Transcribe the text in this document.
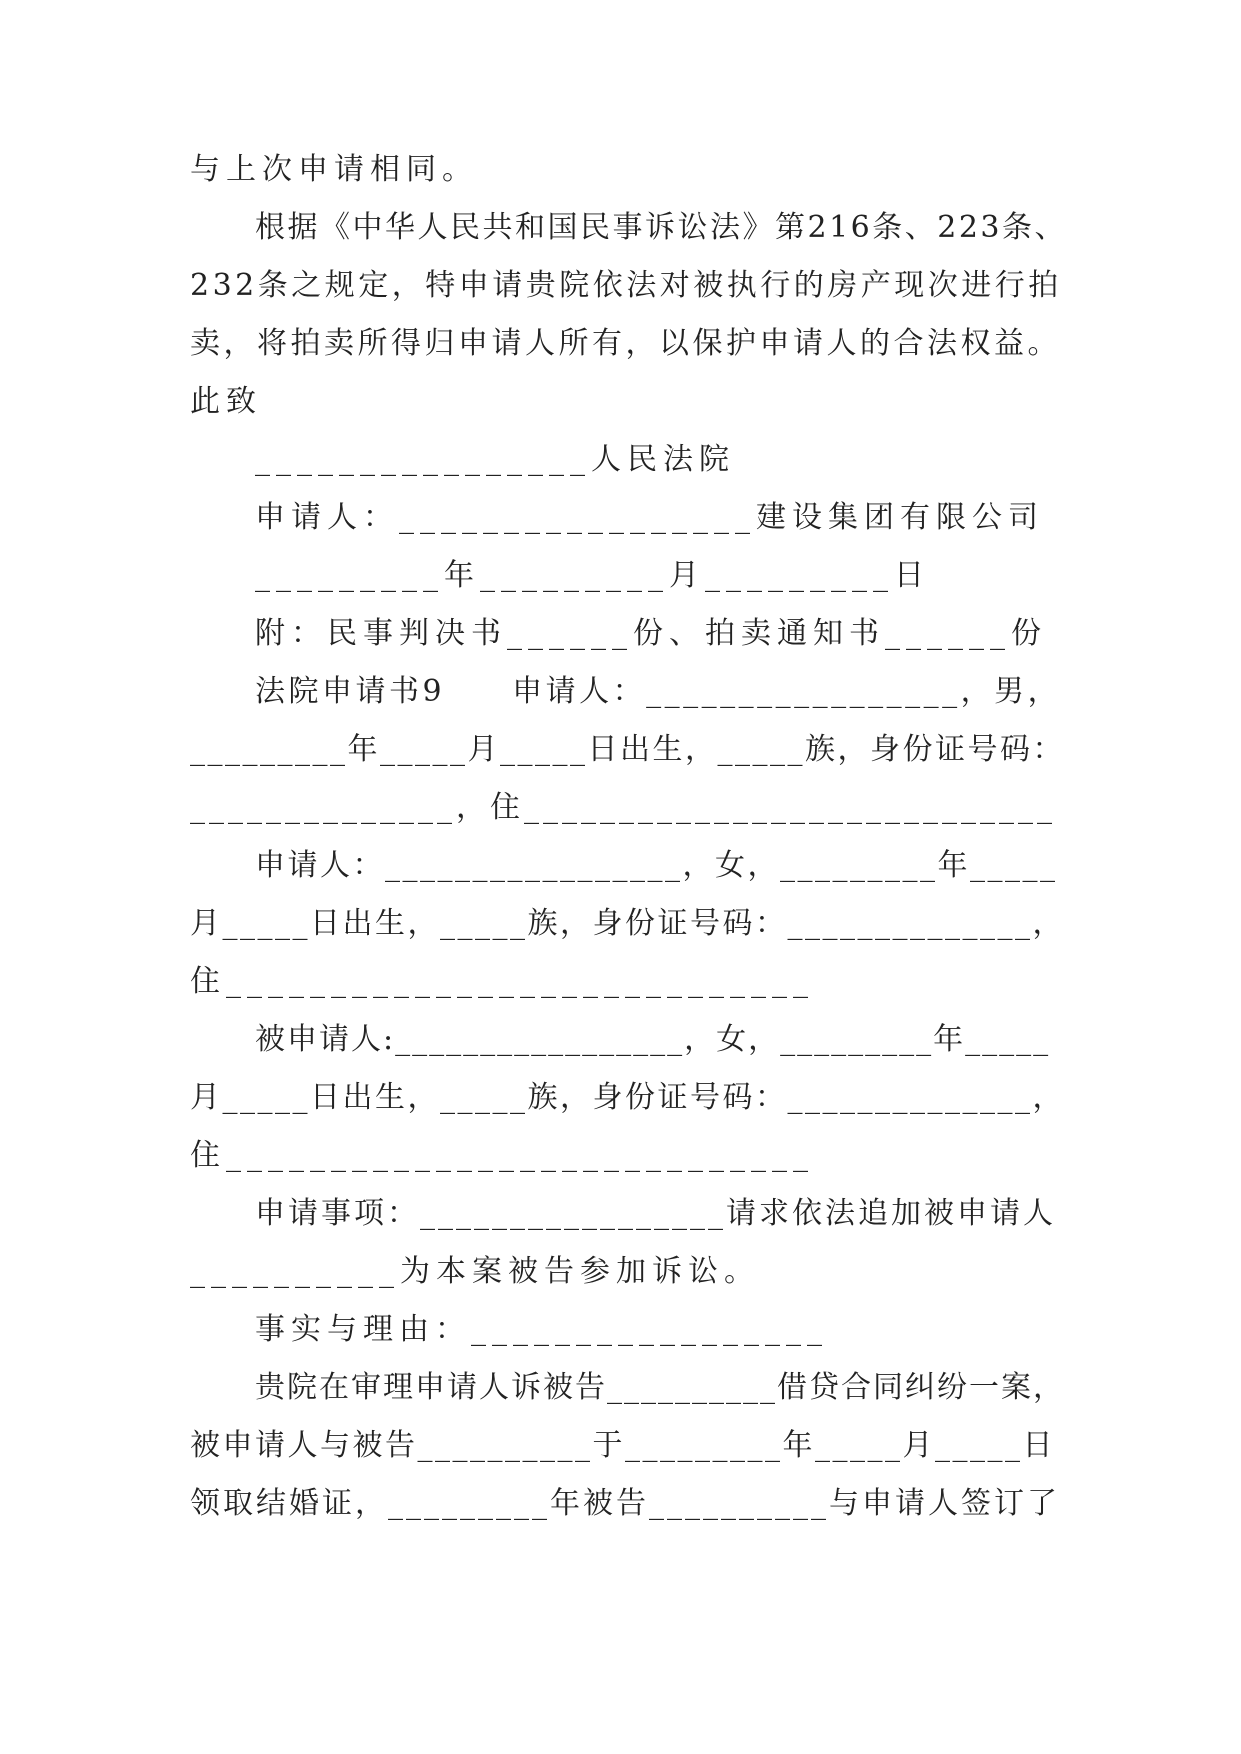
与上次申请相同。
根据《中华人民共和国民事诉讼法》第216条、223条、
232条之规定，特申请贵院依法对被执行的房产现次进行拍
卖，将拍卖所得归申请人所有，以保护申请人的合法权益。
此致
________________人民法院
申请人：_________________建设集团有限公司
_________年_________月_________日
附：民事判决书______份、拍卖通知书______份
法院申请书9　　申请人：_________________，男，
_________年_____月_____日出生，_____族，身份证号码：
______________，住____________________________
申请人：_________________，女，_________年_____
月_____日出生，_____族，身份证号码：______________，
住____________________________
被申请人:_________________，女，_________年_____
月_____日出生，_____族，身份证号码：______________，
住____________________________
申请事项：_________________请求依法追加被申请人
__________为本案被告参加诉讼。
事实与理由：_________________
贵院在审理申请人诉被告__________借贷合同纠纷一案，
被申请人与被告__________于_________年_____月_____日
领取结婚证，_________年被告__________与申请人签订了
